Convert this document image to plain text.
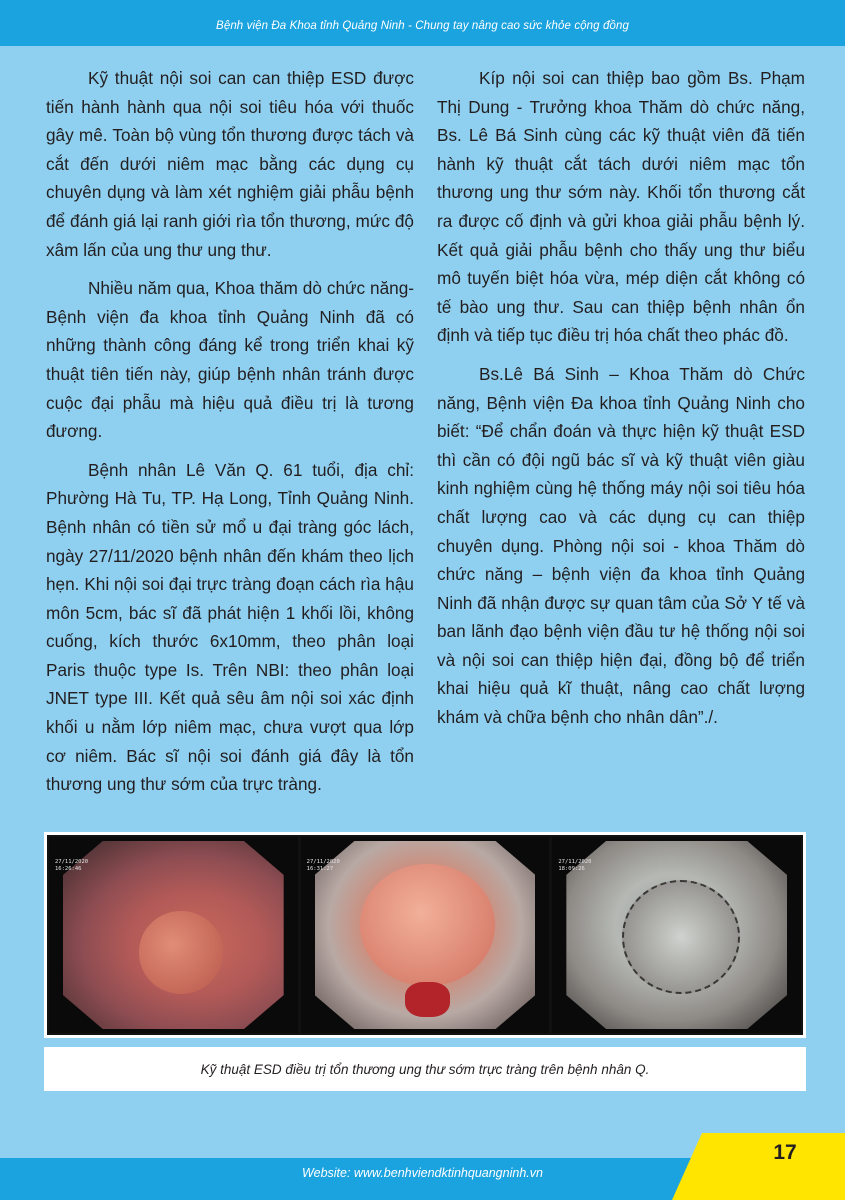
Bệnh viện Đa Khoa tỉnh Quảng Ninh - Chung tay nâng cao sức khỏe cộng đồng

Kỹ thuật nội soi can can thiệp ESD được tiến hành hành qua nội soi tiêu hóa với thuốc gây mê. Toàn bộ vùng tổn thương được tách và cắt đến dưới niêm mạc bằng các dụng cụ chuyên dụng và làm xét nghiệm giải phẫu bệnh để đánh giá lại ranh giới rìa tổn thương, mức độ xâm lấn của ung thư ung thư.

Nhiều năm qua, Khoa thăm dò chức năng- Bệnh viện đa khoa tỉnh Quảng Ninh đã có những thành công đáng kể trong triển khai kỹ thuật tiên tiến này, giúp bệnh nhân tránh được cuộc đại phẫu mà hiệu quả điều trị là tương đương.

Bệnh nhân Lê Văn Q. 61 tuổi, địa chỉ: Phường Hà Tu, TP. Hạ Long, Tỉnh Quảng Ninh. Bệnh nhân có tiền sử mổ u đại tràng góc lách, ngày 27/11/2020 bệnh nhân đến khám theo lịch hẹn. Khi nội soi đại trực tràng đoạn cách rìa hậu môn 5cm, bác sĩ đã phát hiện 1 khối lồi, không cuống, kích thước 6x10mm, theo phân loại Paris thuộc type Is. Trên NBI: theo phân loại JNET type III. Kết quả sêu âm nội soi xác định khối u nằm lớp niêm mạc, chưa vượt qua lớp cơ niêm. Bác sĩ nội soi đánh giá đây là tổn thương ung thư sớm của trực tràng.

Kíp nội soi can thiệp bao gồm Bs. Phạm Thị Dung - Trưởng khoa Thăm dò chức năng, Bs. Lê Bá Sinh cùng các kỹ thuật viên đã tiến hành kỹ thuật cắt tách dưới niêm mạc tổn thương ung thư sớm này. Khối tổn thương cắt ra được cố định và gửi khoa giải phẫu bệnh lý. Kết quả giải phẫu bệnh cho thấy ung thư biểu mô tuyến biệt hóa vừa, mép diện cắt không có tế bào ung thư. Sau can thiệp bệnh nhân ổn định và tiếp tục điều trị hóa chất theo phác đồ.

Bs.Lê Bá Sinh – Khoa Thăm dò Chức năng, Bệnh viện Đa khoa tỉnh Quảng Ninh cho biết: “Để chẩn đoán và thực hiện kỹ thuật ESD thì cần có đội ngũ bác sĩ và kỹ thuật viên giàu kinh nghiệm cùng hệ thống máy nội soi tiêu hóa chất lượng cao và các dụng cụ can thiệp chuyên dụng. Phòng nội soi - khoa Thăm dò chức năng – bệnh viện đa khoa tỉnh Quảng Ninh đã nhận được sự quan tâm của Sở Y tế và ban lãnh đạo bệnh viện đầu tư hệ thống nội soi và nội soi can thiệp hiện đại, đồng bộ để triển khai hiệu quả kĩ thuật, nâng cao chất lượng khám và chữa bệnh cho nhân dân”./.

27/11/2020
16:26:46
27/11/2020
16:31:27
27/11/2020
18:09:26
Kỹ thuật ESD điều trị tổn thương ung thư sớm trực tràng trên bệnh nhân Q.
Website: www.benhviendktinhquangninh.vn
17
